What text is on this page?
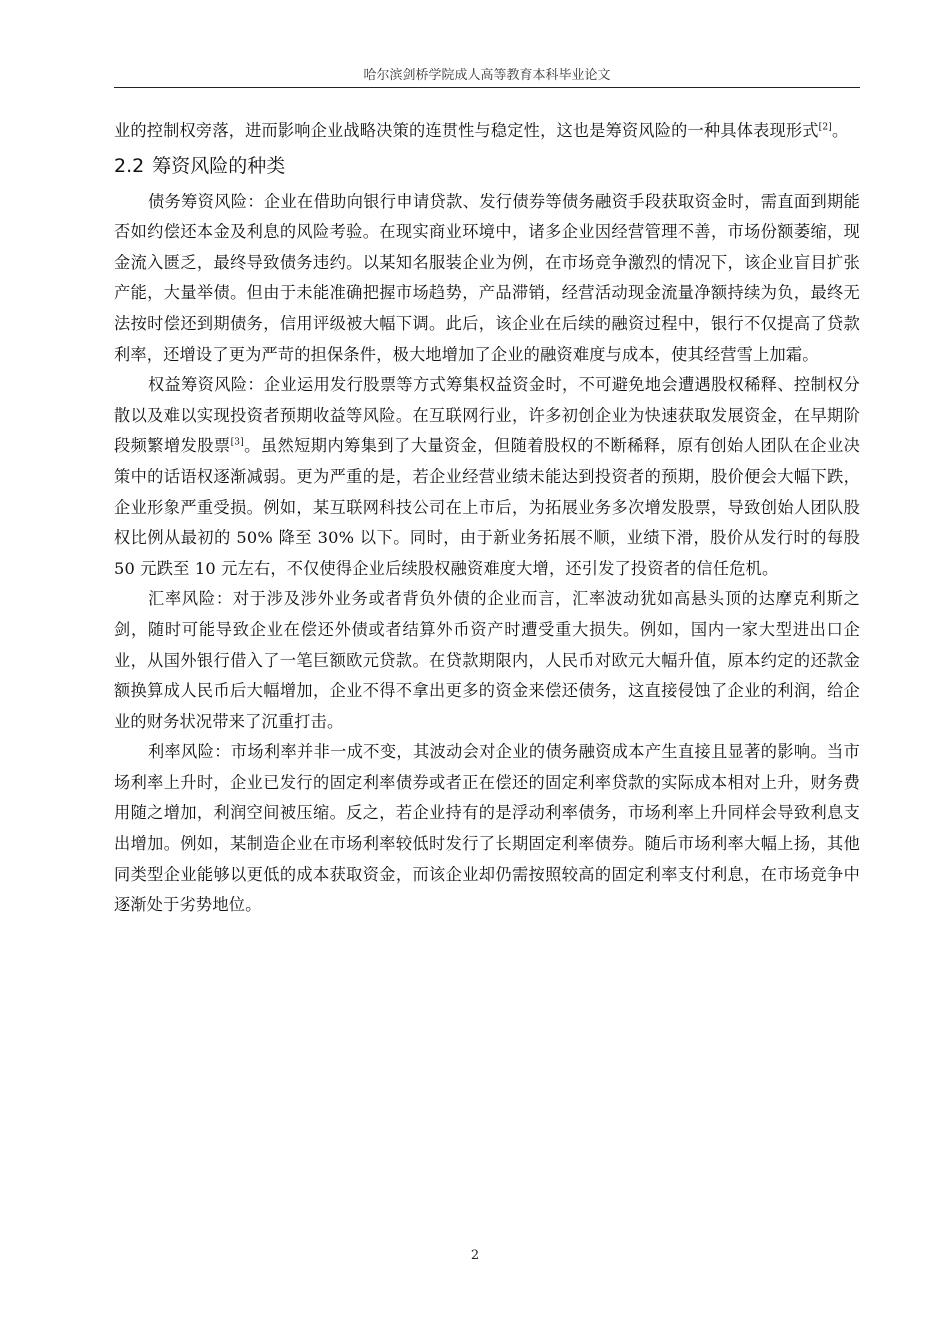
哈尔滨剑桥学院成人高等教育本科毕业论文

业的控制权旁落，进而影响企业战略决策的连贯性与稳定性，这也是筹资风险的一种具体表现形式[2]。

2.2 筹资风险的种类

债务筹资风险：企业在借助向银行申请贷款、发行债券等债务融资手段获取资金时，需直面到期能否如约偿还本金及利息的风险考验。在现实商业环境中，诸多企业因经营管理不善，市场份额萎缩，现金流入匮乏，最终导致债务违约。以某知名服装企业为例，在市场竞争激烈的情况下，该企业盲目扩张产能，大量举债。但由于未能准确把握市场趋势，产品滞销，经营活动现金流量净额持续为负，最终无法按时偿还到期债务，信用评级被大幅下调。此后，该企业在后续的融资过程中，银行不仅提高了贷款利率，还增设了更为严苛的担保条件，极大地增加了企业的融资难度与成本，使其经营雪上加霜。

权益筹资风险：企业运用发行股票等方式筹集权益资金时，不可避免地会遭遇股权稀释、控制权分散以及难以实现投资者预期收益等风险。在互联网行业，许多初创企业为快速获取发展资金，在早期阶段频繁增发股票[3]。虽然短期内筹集到了大量资金，但随着股权的不断稀释，原有创始人团队在企业决策中的话语权逐渐减弱。更为严重的是，若企业经营业绩未能达到投资者的预期，股价便会大幅下跌，企业形象严重受损。例如，某互联网科技公司在上市后，为拓展业务多次增发股票，导致创始人团队股权比例从最初的 50% 降至 30% 以下。同时，由于新业务拓展不顺，业绩下滑，股价从发行时的每股 50 元跌至 10 元左右，不仅使得企业后续股权融资难度大增，还引发了投资者的信任危机。

汇率风险：对于涉及涉外业务或者背负外债的企业而言，汇率波动犹如高悬头顶的达摩克利斯之剑，随时可能导致企业在偿还外债或者结算外币资产时遭受重大损失。例如，国内一家大型进出口企业，从国外银行借入了一笔巨额欧元贷款。在贷款期限内，人民币对欧元大幅升值，原本约定的还款金额换算成人民币后大幅增加，企业不得不拿出更多的资金来偿还债务，这直接侵蚀了企业的利润，给企业的财务状况带来了沉重打击。

利率风险：市场利率并非一成不变，其波动会对企业的债务融资成本产生直接且显著的影响。当市场利率上升时，企业已发行的固定利率债券或者正在偿还的固定利率贷款的实际成本相对上升，财务费用随之增加，利润空间被压缩。反之，若企业持有的是浮动利率债务，市场利率上升同样会导致利息支出增加。例如，某制造企业在市场利率较低时发行了长期固定利率债券。随后市场利率大幅上扬，其他同类型企业能够以更低的成本获取资金，而该企业却仍需按照较高的固定利率支付利息，在市场竞争中逐渐处于劣势地位。

2
